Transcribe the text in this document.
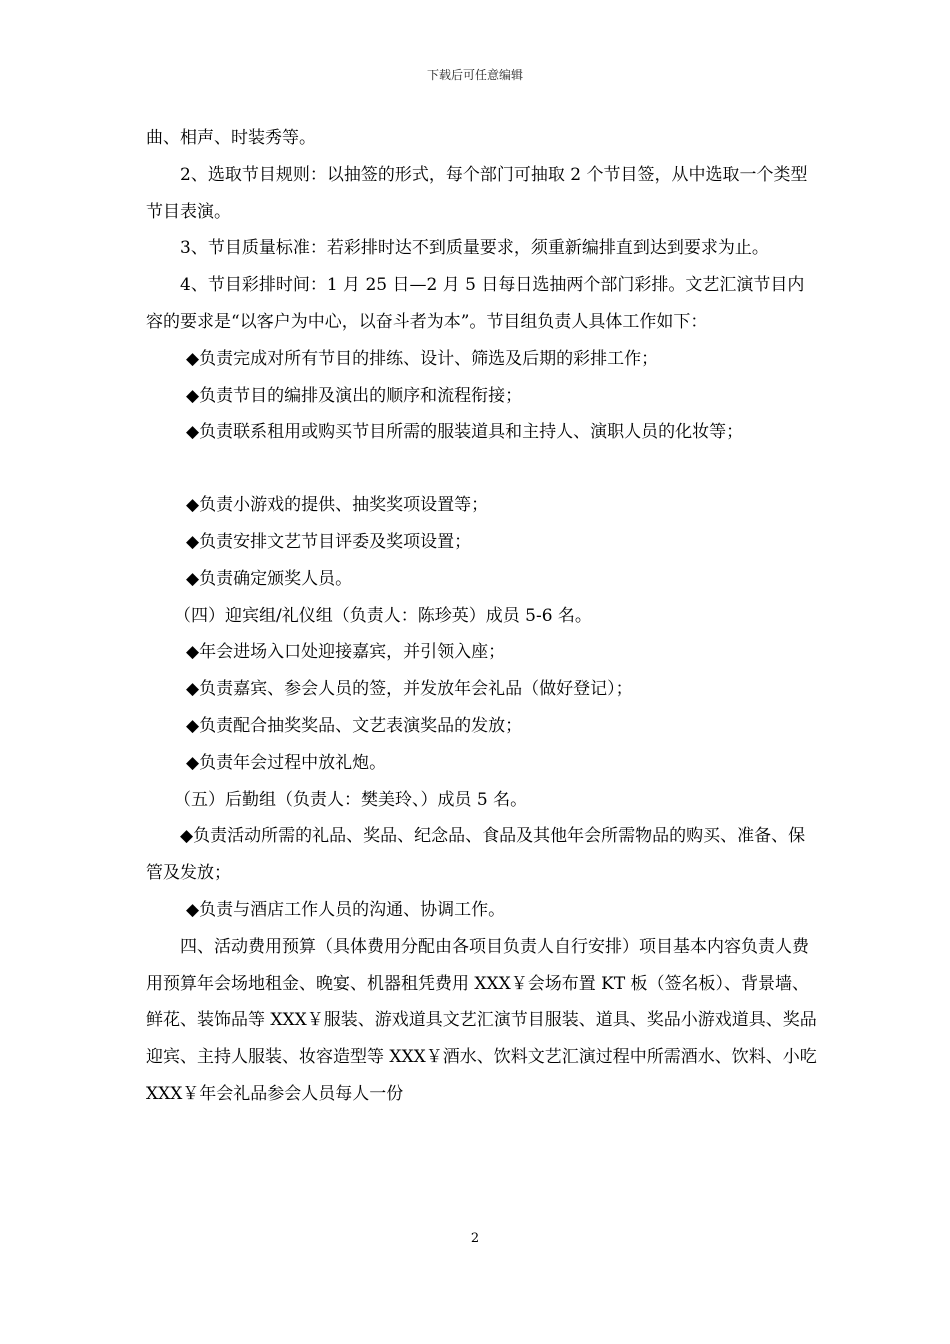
下载后可任意编辑

曲、相声、时装秀等。

2、选取节目规则：以抽签的形式，每个部门可抽取 2 个节目签，从中选取一个类型节目表演。

3、节目质量标准：若彩排时达不到质量要求，须重新编排直到达到要求为止。

4、节目彩排时间：1 月 25 日—2 月 5 日每日选抽两个部门彩排。文艺汇演节目内容的要求是“以客户为中心，以奋斗者为本”。节目组负责人具体工作如下：

◆负责完成对所有节目的排练、设计、筛选及后期的彩排工作；

◆负责节目的编排及演出的顺序和流程衔接；

◆负责联系租用或购买节目所需的服装道具和主持人、演职人员的化妆等；

◆负责小游戏的提供、抽奖奖项设置等；

◆负责安排文艺节目评委及奖项设置；

◆负责确定颁奖人员。

（四）迎宾组/礼仪组（负责人：陈珍英）成员 5-6 名。

◆年会进场入口处迎接嘉宾，并引领入座；

◆负责嘉宾、参会人员的签，并发放年会礼品（做好登记）；

◆负责配合抽奖奖品、文艺表演奖品的发放；

◆负责年会过程中放礼炮。

（五）后勤组（负责人：樊美玲、）成员 5 名。

◆负责活动所需的礼品、奖品、纪念品、食品及其他年会所需物品的购买、准备、保管及发放；

◆负责与酒店工作人员的沟通、协调工作。

四、活动费用预算（具体费用分配由各项目负责人自行安排）项目基本内容负责人费用预算年会场地租金、晚宴、机器租凭费用 XXX￥会场布置 KT 板（签名板）、背景墙、鲜花、装饰品等 XXX￥服装、游戏道具文艺汇演节目服装、道具、奖品小游戏道具、奖品迎宾、主持人服装、妆容造型等 XXX￥酒水、饮料文艺汇演过程中所需酒水、饮料、小吃 XXX￥年会礼品参会人员每人一份

2
